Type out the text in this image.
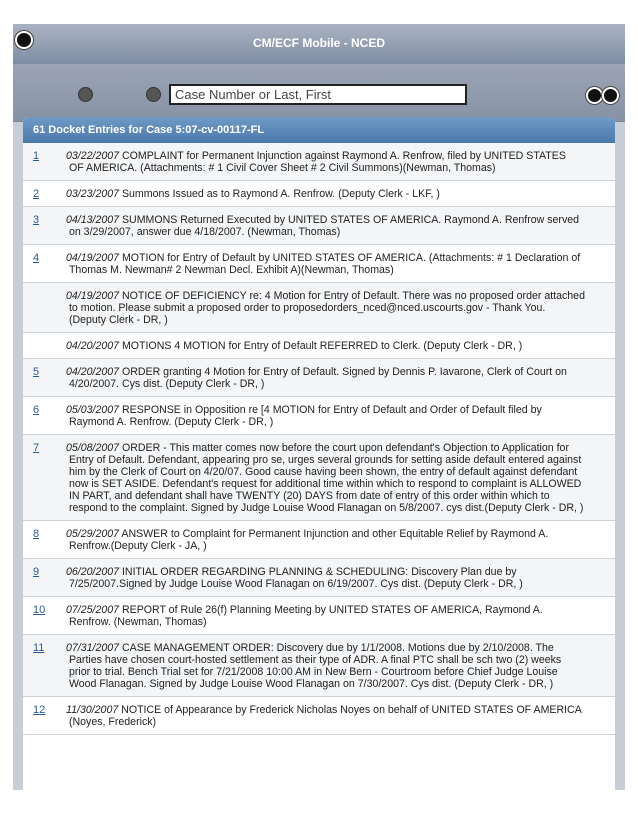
CM/ECF Mobile - NCED
Case Number or Last, First
61 Docket Entries for Case 5:07-cv-00117-FL
1	03/22/2007 COMPLAINT for Permanent Injunction against Raymond A. Renfrow, filed by UNITED STATES
OF AMERICA. (Attachments: # 1 Civil Cover Sheet # 2 Civil Summons)(Newman, Thomas)
2	03/23/2007 Summons Issued as to Raymond A. Renfrow. (Deputy Clerk - LKF, )
3	04/13/2007 SUMMONS Returned Executed by UNITED STATES OF AMERICA. Raymond A. Renfrow served
on 3/29/2007, answer due 4/18/2007. (Newman, Thomas)
4	04/19/2007 MOTION for Entry of Default by UNITED STATES OF AMERICA. (Attachments: # 1 Declaration of
Thomas M. Newman# 2 Newman Decl. Exhibit A)(Newman, Thomas)
04/19/2007 NOTICE OF DEFICIENCY re: 4 Motion for Entry of Default. There was no proposed order attached
to motion. Please submit a proposed order to proposedorders_nced@nced.uscourts.gov - Thank You.
(Deputy Clerk - DR, )
04/20/2007 MOTIONS 4 MOTION for Entry of Default REFERRED to Clerk. (Deputy Clerk - DR, )
5	04/20/2007 ORDER granting 4 Motion for Entry of Default. Signed by Dennis P. Iavarone, Clerk of Court on
4/20/2007. Cys dist. (Deputy Clerk - DR, )
6	05/03/2007 RESPONSE in Opposition re [4 MOTION for Entry of Default and Order of Default filed by
Raymond A. Renfrow. (Deputy Clerk - DR, )
7	05/08/2007 ORDER - This matter comes now before the court upon defendant's Objection to Application for
Entry of Default. Defendant, appearing pro se, urges several grounds for setting aside default entered against
him by the Clerk of Court on 4/20/07. Good cause having been shown, the entry of default against defendant
now is SET ASIDE. Defendant's request for additional time within which to respond to complaint is ALLOWED
IN PART, and defendant shall have TWENTY (20) DAYS from date of entry of this order within which to
respond to the complaint. Signed by Judge Louise Wood Flanagan on 5/8/2007. cys dist.(Deputy Clerk - DR, )
8	05/29/2007 ANSWER to Complaint for Permanent Injunction and other Equitable Relief by Raymond A.
Renfrow.(Deputy Clerk - JA, )
9	06/20/2007 INITIAL ORDER REGARDING PLANNING & SCHEDULING: Discovery Plan due by
7/25/2007.Signed by Judge Louise Wood Flanagan on 6/19/2007. Cys dist. (Deputy Clerk - DR, )
10	07/25/2007 REPORT of Rule 26(f) Planning Meeting by UNITED STATES OF AMERICA, Raymond A.
Renfrow. (Newman, Thomas)
11	07/31/2007 CASE MANAGEMENT ORDER: Discovery due by 1/1/2008. Motions due by 2/10/2008. The
Parties have chosen court-hosted settlement as their type of ADR. A final PTC shall be sch two (2) weeks
prior to trial. Bench Trial set for 7/21/2008 10:00 AM in New Bern - Courtroom before Chief Judge Louise
Wood Flanagan. Signed by Judge Louise Wood Flanagan on 7/30/2007. Cys dist. (Deputy Clerk - DR, )
12	11/30/2007 NOTICE of Appearance by Frederick Nicholas Noyes on behalf of UNITED STATES OF AMERICA
(Noyes, Frederick)
